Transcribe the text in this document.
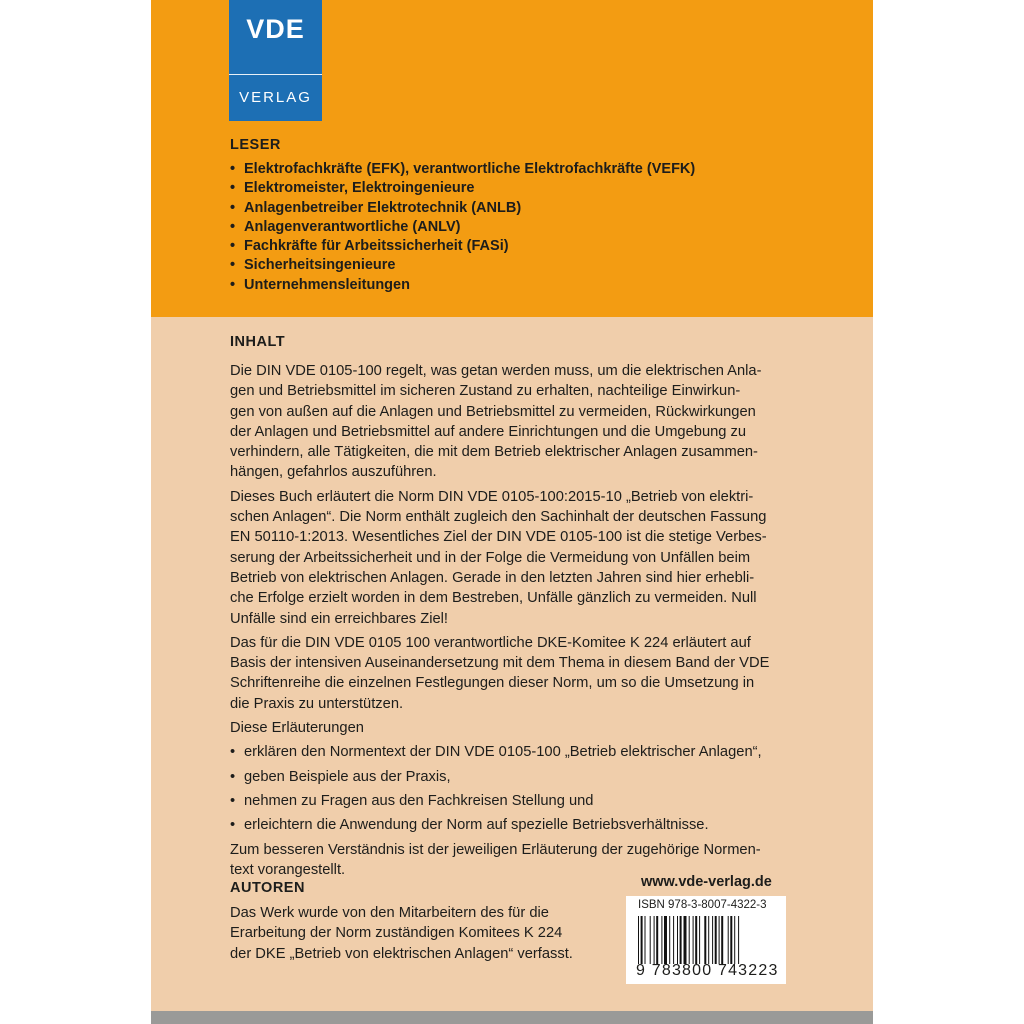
VDE
VERLAG
LESER
• Elektrofachkräfte (EFK), verantwortliche Elektrofachkräfte (VEFK)
• Elektromeister, Elektroingenieure
• Anlagenbetreiber Elektrotechnik (ANLB)
• Anlagenverantwortliche (ANLV)
• Fachkräfte für Arbeitssicherheit (FASi)
• Sicherheitsingenieure
• Unternehmensleitungen
INHALT

Die DIN VDE 0105-100 regelt, was getan werden muss, um die elektrischen Anla-
gen und Betriebsmittel im sicheren Zustand zu erhalten, nachteilige Einwirkun-
gen von außen auf die Anlagen und Betriebsmittel zu vermeiden, Rückwirkungen
der Anlagen und Betriebsmittel auf andere Einrichtungen und die Umgebung zu
verhindern, alle Tätigkeiten, die mit dem Betrieb elektrischer Anlagen zusammen-
hängen, gefahrlos auszuführen.

Dieses Buch erläutert die Norm DIN VDE 0105-100:2015-10 „Betrieb von elektri-
schen Anlagen“. Die Norm enthält zugleich den Sachinhalt der deutschen Fassung
EN 50110-1:2013. Wesentliches Ziel der DIN VDE 0105-100 ist die stetige Verbes-
serung der Arbeitssicherheit und in der Folge die Vermeidung von Unfällen beim
Betrieb von elektrischen Anlagen. Gerade in den letzten Jahren sind hier erhebli-
che Erfolge erzielt worden in dem Bestreben, Unfälle gänzlich zu vermeiden. Null
Unfälle sind ein erreichbares Ziel!

Das für die DIN VDE 0105 100 verantwortliche DKE-Komitee K 224 erläutert auf
Basis der intensiven Auseinandersetzung mit dem Thema in diesem Band der VDE
Schriftenreihe die einzelnen Festlegungen dieser Norm, um so die Umsetzung in
die Praxis zu unterstützen.

Diese Erläuterungen

• erklären den Normentext der DIN VDE 0105-100 „Betrieb elektrischer Anlagen“,
• geben Beispiele aus der Praxis,
• nehmen zu Fragen aus den Fachkreisen Stellung und
• erleichtern die Anwendung der Norm auf spezielle Betriebsverhältnisse.

Zum besseren Verständnis ist der jeweiligen Erläuterung der zugehörige Normen-
text vorangestellt.

AUTOREN
Das Werk wurde von den Mitarbeitern des für die
Erarbeitung der Norm zuständigen Komitees K 224
der DKE „Betrieb von elektrischen Anlagen“ verfasst.
www.vde-verlag.de
ISBN 978-3-8007-4322-3
9 783800 743223
